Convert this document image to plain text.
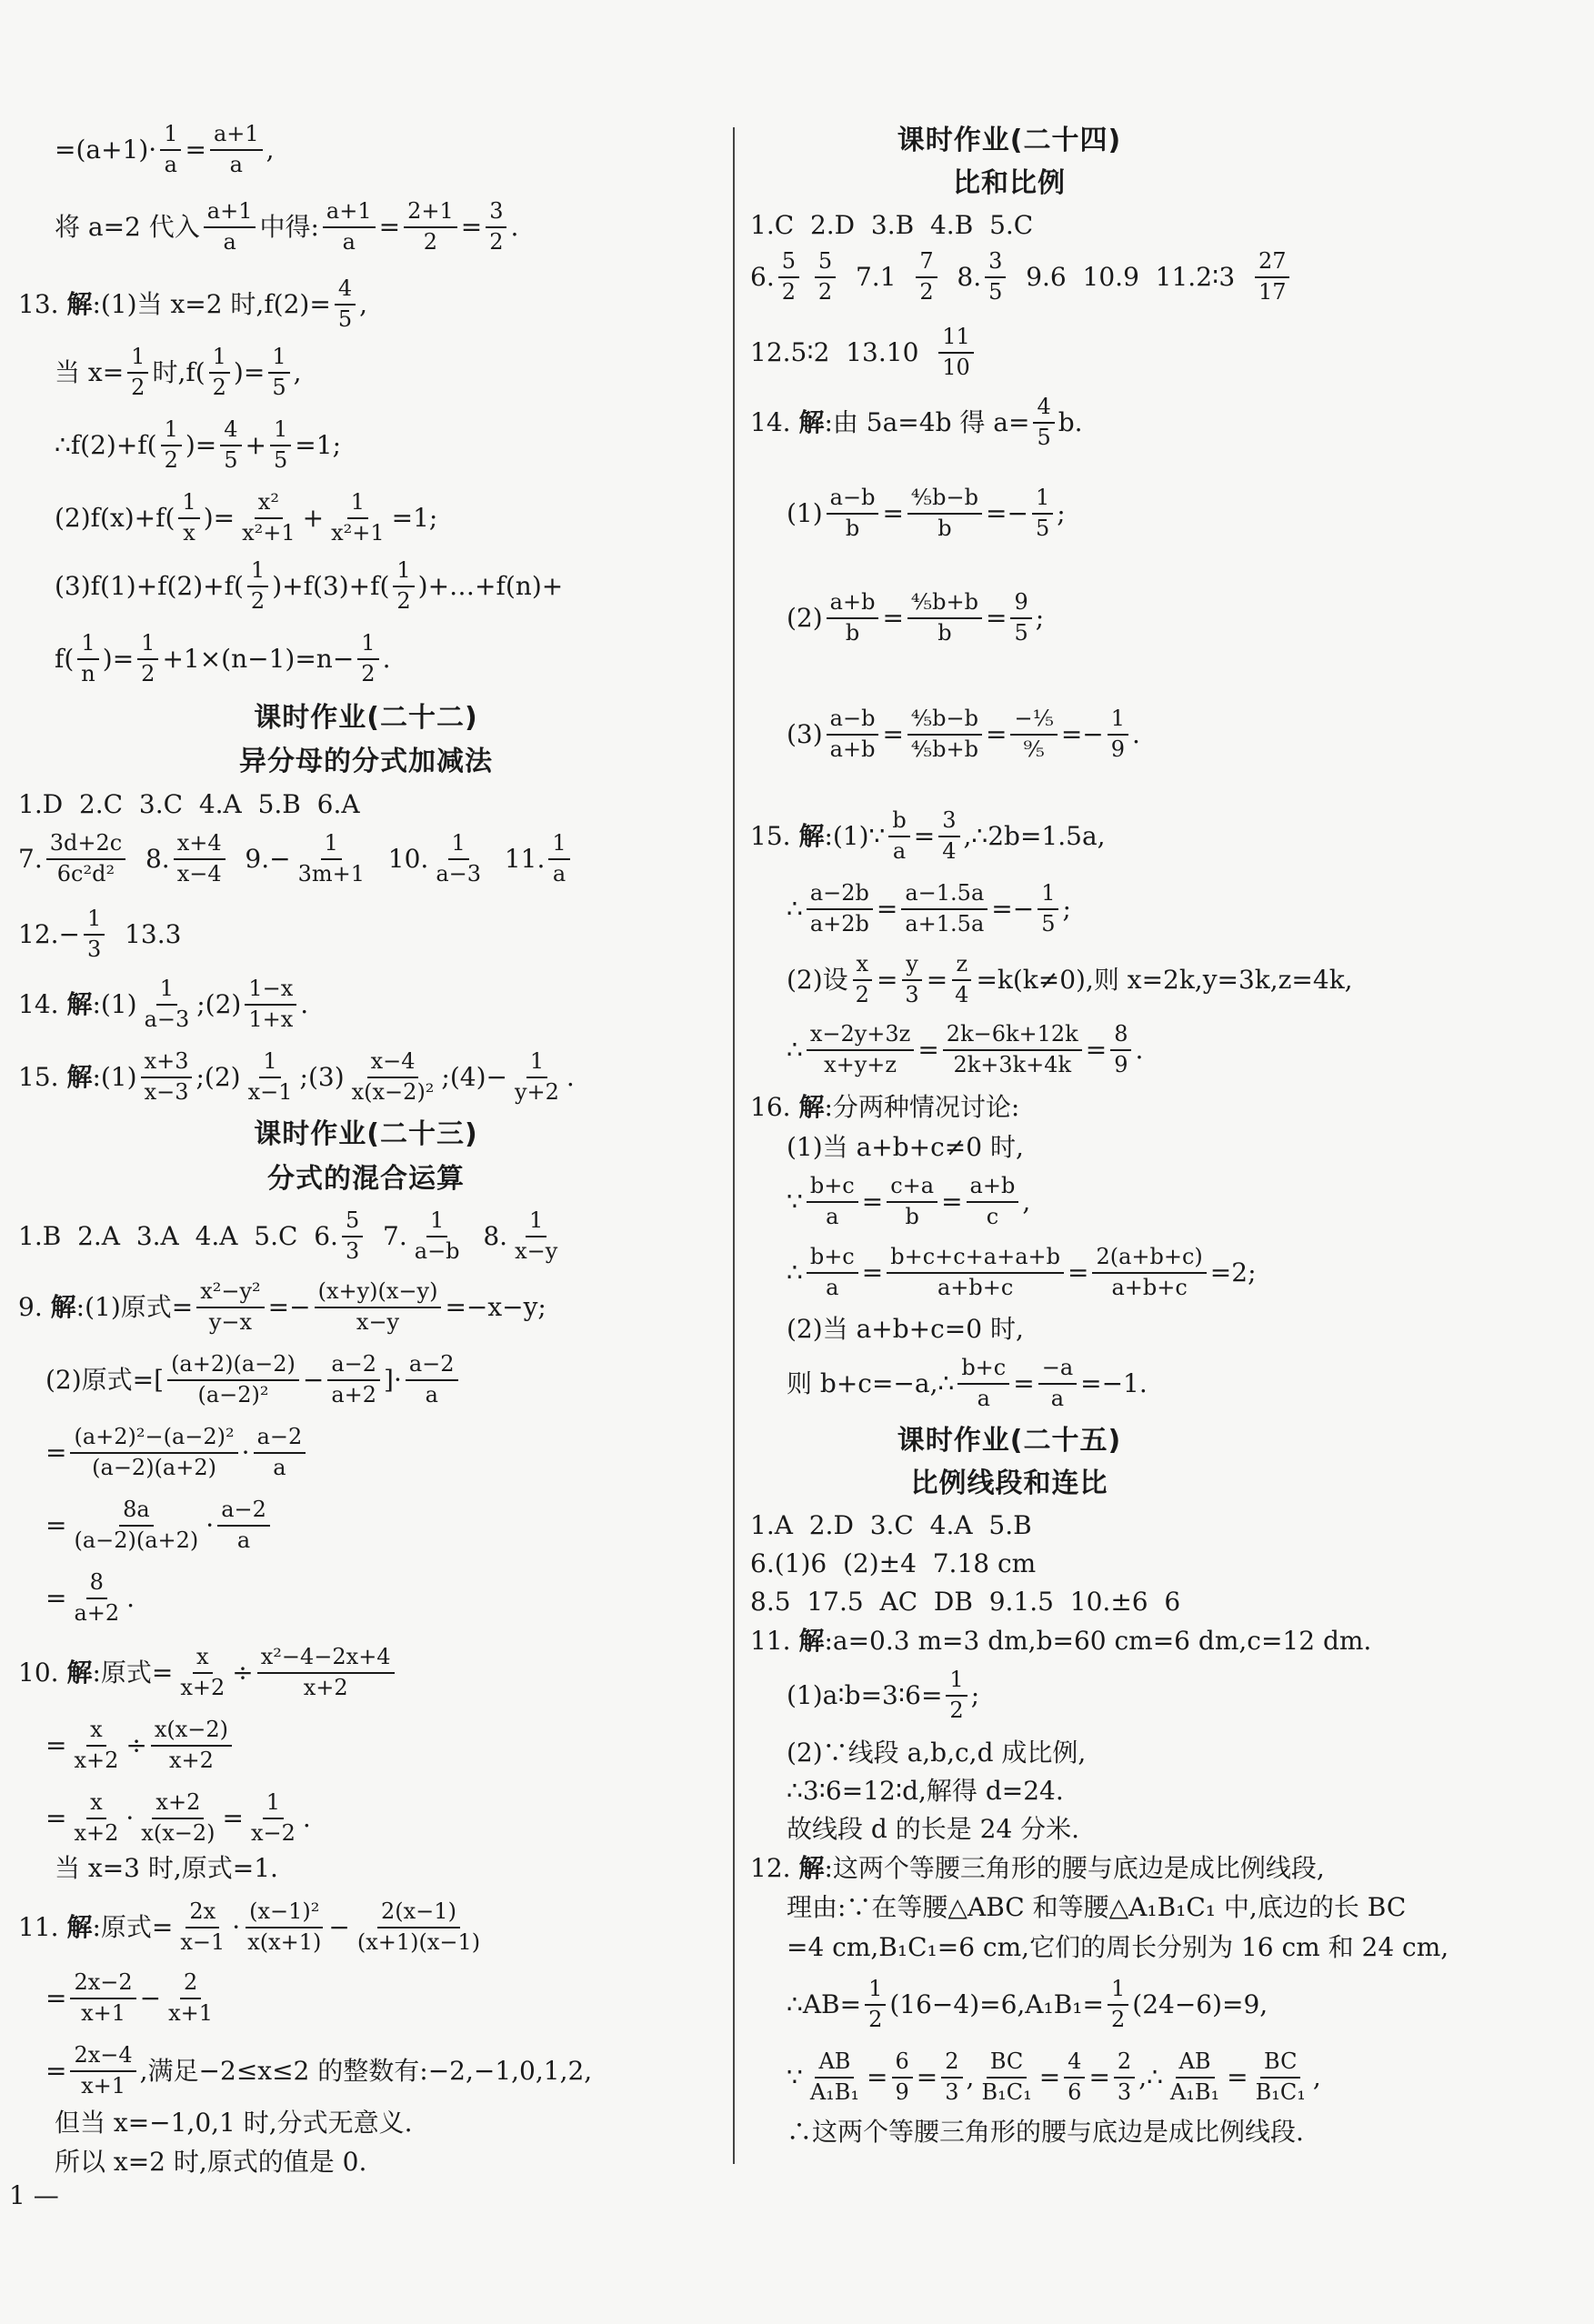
$=(a+1)\cdot \frac{1}{a} = \frac{a+1}{a}$ ,
将 a=2 代入 $\frac{a+1}{a}$ 中得: $\frac{a+1}{a} = \frac{2+1}{2} = \frac{3}{2}$ .
13. 解 :(1)当 x=2 时$,f(2)= \frac{4}{5}$ ,
当 $x= \frac{1}{2}$ 时$,f( \frac{1}{2}$ )= $\frac{1}{5}$ ,
∴f(2)+f( $\frac{1}{2}$ )= $\frac{4}{5} + \frac{1}{5} =1$;
$(2)f(x)+f( \frac{1}{x}$ )= $\frac{\text{x²}}{\text{x²+1}} + \frac{1}{\text{x²+1}} =1$;
$(3)f(1)+f(2)+f( \frac{1}{2} )+f(3)+f( \frac{1}{2}$ )+…+f(n)+
$f( \frac{1}{n}$ )= $\frac{1}{2} +1\times(n-1)=n- \frac{1}{2}$ .
课时作业(二十二)
异分母的分式加减法
1.D  2.C  3.C  4.A  5.B  6.A
7. $\frac{3d+2c}{\text{6c²d²}} 8$. $\frac{x+4}{x-4} 9.- \frac{1}{3m+1} 10$. $\frac{1}{a-3} 11$. $\frac{1}{a}$
$12.- \frac{1}{3} 13.3$
14. 解 :(1) $\frac{1}{a-3}$ ;(2) $\frac{1-x}{1+x}$ .
15. 解 :(1) $\frac{x+3}{x-3}$ ;(2) $\frac{1}{x-1}$ ;(3) $\frac{x-4}{\text{x(x−2)²}}$ ;(4)− $\frac{1}{y+2}$ .
课时作业(二十三)
分式的混合运算
1.B  2.A  3.A  4.A  5.C  6. $\frac{5}{3} 7$. $\frac{1}{a-b} 8$. $\frac{1}{x-y}$
9. 解 :(1)原式= $\frac{\text{x²−y²}}{y-x} =- \frac{(x+y)(x-y)}{x-y} =-x-y$;
(2)原式=[ $\frac{(a+2)(a-2)}{\text{(a−2)²}} - \frac{a-2}{a+2}$ ]· $\frac{a-2}{a}$
= $\frac{\text{(a+2)²−(a−2)²}}{(a-2)(a+2)} \cdot \frac{a-2}{a}$
= $\frac{8a}{(a-2)(a+2)} \cdot \frac{a-2}{a}$
= $\frac{8}{a+2}$ .
10. 解 :原式= $\frac{x}{x+2} \div \frac{\text{x²−4−2x+4}}{x+2}$
= $\frac{x}{x+2} \div \frac{x(x-2)}{x+2}$
= $\frac{x}{x+2} \cdot \frac{x+2}{x(x-2)} = \frac{1}{x-2}$ .
当 x=3 时,原式=1.
11. 解 :原式= $\frac{2x}{x-1} \cdot \frac{\text{(x−1)²}}{x(x+1)} - \frac{2(x-1)}{(x+1)(x-1)}$
= $\frac{2x-2}{x+1} - \frac{2}{x+1}$
= $\frac{2x-4}{x+1}$ ,满足−2≤x≤2 的整数有:−2,−1,0,1,2,
但当 x=−1,0,1 时,分式无意义.
所以 x=2 时,原式的值是 0.
课时作业(二十四)
比和比例
1.C  2.D  3.B  4.B  5.C
6. $\frac{5}{2}$
$\frac{5}{2} 7.1 \frac{7}{2} 8$. $\frac{3}{5} 9.6$  10.9  11.2∶3 $\frac{27}{17}$
12.5∶2  $13.10 \frac{11}{10}$
14. 解 :由 5a=4b 得 $a= \frac{4}{5} b$.
$(1) \frac{a-b}{b} = \frac{\text{⁴⁄₅b−b}}{b} =- \frac{1}{5}$ ;
$(2) \frac{a+b}{b} = \frac{\text{⁴⁄₅b+b}}{b} = \frac{9}{5}$ ;
$(3) \frac{a-b}{a+b} = \frac{\text{⁴⁄₅b−b}}{\text{⁴⁄₅b+b}} = \frac{\text{−¹⁄₅}}{\text{⁹⁄₅}} =- \frac{1}{9}$ .
15. 解 :(1)∵ $\frac{b}{a} = \frac{3}{4}$ ,∴2b=1.5a,
∴ $\frac{a-2b}{a+2b} = \frac{a-1.5a}{a+1.5a} =- \frac{1}{5}$ ;
(2)设 $\frac{x}{2} = \frac{y}{3} = \frac{z}{4} =k(k\ne 0)$,则 x=2k,y=3k,z=4k,
∴ $\frac{x-2y+3z}{x+y+z} = \frac{2k-6k+12k}{2k+3k+4k} = \frac{8}{9}$ .
16. 解 :分两种情况讨论:
(1)当 a+b+c≠0 时,
∵ $\frac{b+c}{a} = \frac{c+a}{b} = \frac{a+b}{c}$ ,
∴ $\frac{b+c}{a} = \frac{b+c+c+a+a+b}{a+b+c} = \frac{2(a+b+c)}{a+b+c} =2$;
(2)当 a+b+c=0 时,
则 b+c=−a,∴ $\frac{b+c}{a} = \frac{-a}{a} =-1$.
课时作业(二十五)
比例线段和连比
1.A  2.D  3.C  4.A  5.B
6.(1)6  (2)±4  7.18 cm
8.5  17.5  AC  DB  9.1.5  10.±6  6
11. 解 :a=0.3 m=3 dm,b=60 cm=6 dm,c=12 dm.
(1)a∶b=3∶6= $\frac{1}{2}$ ;
(2)∵线段 a,b,c,d 成比例,
∴3∶6=12∶d,解得 d=24.
故线段 d 的长是 24 分米.
12. 解 :这两个等腰三角形的腰与底边是成比例线段,
理由:∵在等腰△ABC 和等腰△A₁B₁C₁ 中,底边的长 BC
=4 cm,B₁C₁=6 cm,它们的周长分别为 16 cm 和 24 cm,
∴AB= $\frac{1}{2} (16-4)=6,A_1B_1= \frac{1}{2} (24-6)=9$,
∵ $\frac{AB}{\text{A₁B₁}} = \frac{6}{9} = \frac{2}{3}$ , $\frac{BC}{\text{B₁C₁}} = \frac{4}{6} = \frac{2}{3}$ ,∴ $\frac{AB}{\text{A₁B₁}} = \frac{BC}{\text{B₁C₁}}$ ,
∴这两个等腰三角形的腰与底边是成比例线段.
1 —
